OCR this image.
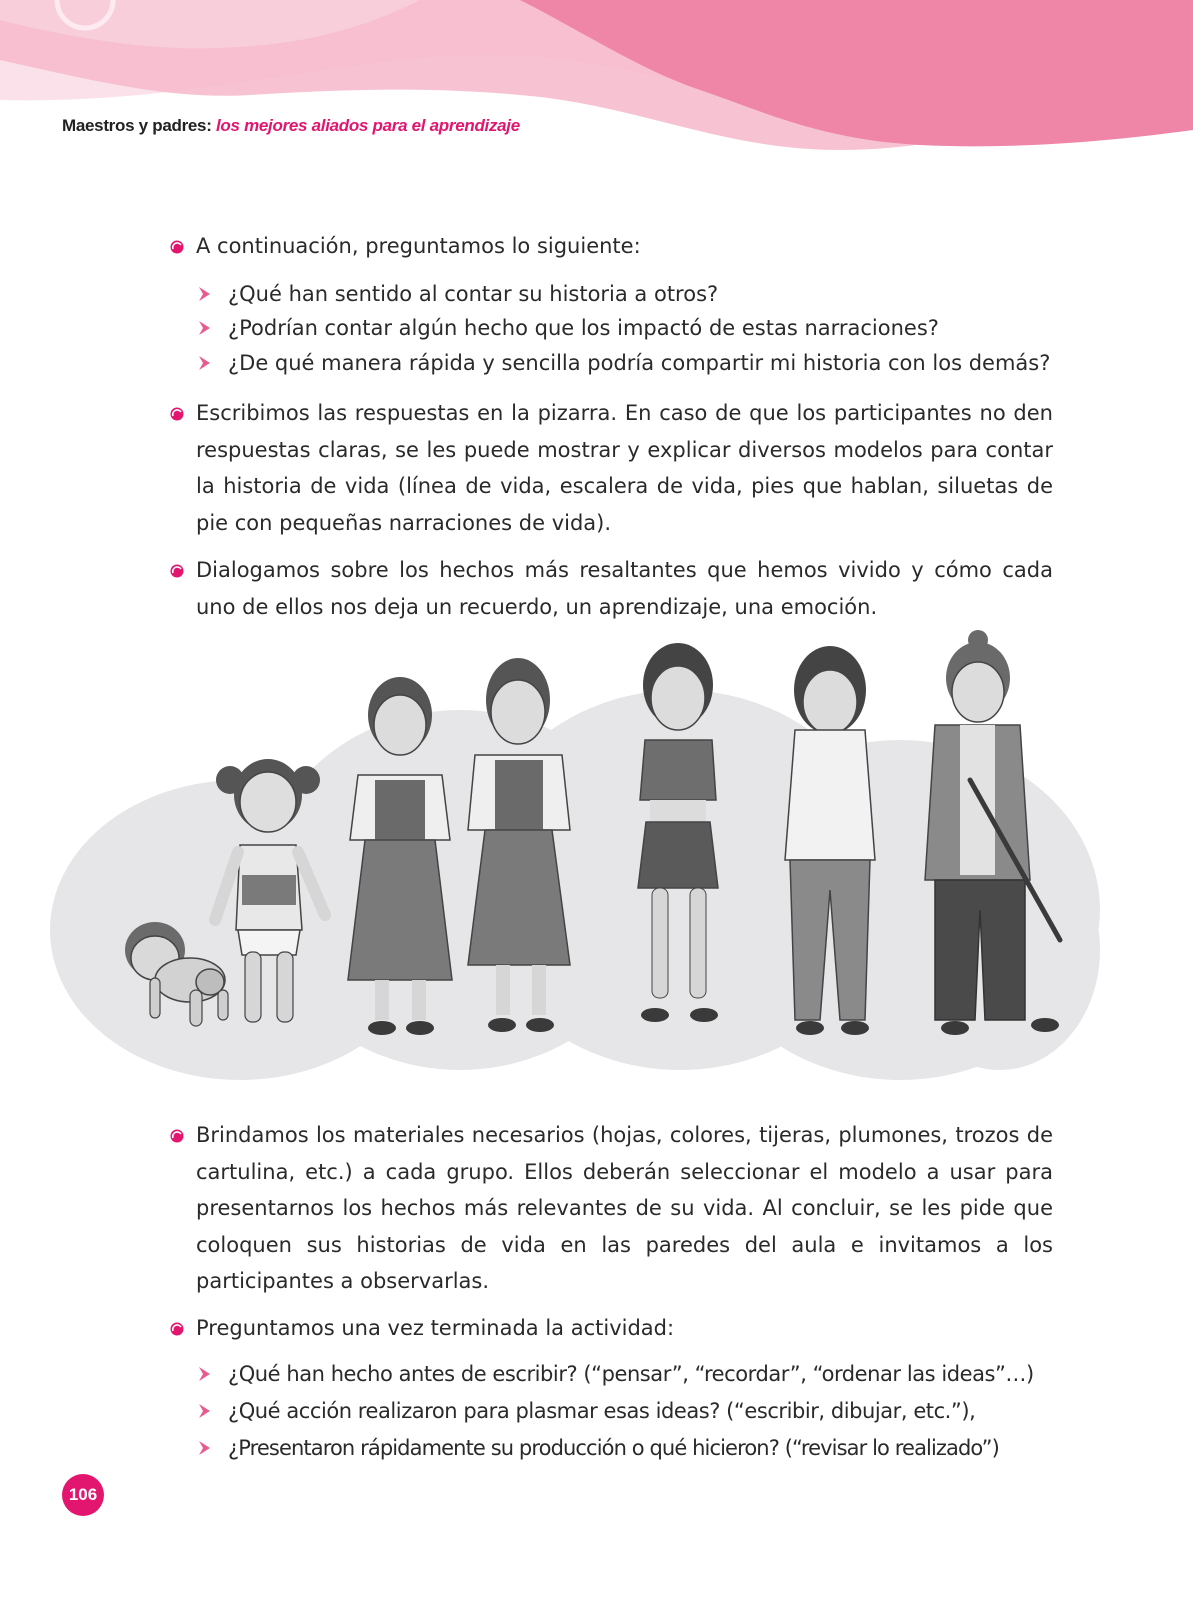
Maestros y padres: los mejores aliados para el aprendizaje

A continuación, preguntamos lo siguiente:
¿Qué han sentido al contar su historia a otros?
¿Podrían contar algún hecho que los impactó de estas narraciones?
¿De qué manera rápida y sencilla podría compartir mi historia con los demás?
Escribimos las respuestas en la pizarra. En caso de que los participantes no den respuestas claras, se les puede mostrar y explicar diversos modelos para contar la historia de vida (línea de vida, escalera de vida, pies que hablan, siluetas de pie con pequeñas narraciones de vida).
Dialogamos sobre los hechos más resaltantes que hemos vivido y cómo cada uno de ellos nos deja un recuerdo, un aprendizaje, una emoción.
Brindamos los materiales necesarios (hojas, colores, tijeras, plumones, trozos de cartulina, etc.) a cada grupo. Ellos deberán seleccionar el modelo a usar para presentarnos los hechos más relevantes de su vida. Al concluir, se les pide que coloquen sus historias de vida en las paredes del aula e invitamos a los participantes a observarlas.
Preguntamos una vez terminada la actividad:
¿Qué han hecho antes de escribir? (“pensar”, “recordar”, “ordenar las ideas”…)
¿Qué acción realizaron para plasmar esas ideas? (“escribir, dibujar, etc.”),
¿Presentaron rápidamente su producción o qué hicieron? (“revisar lo realizado”)
106
